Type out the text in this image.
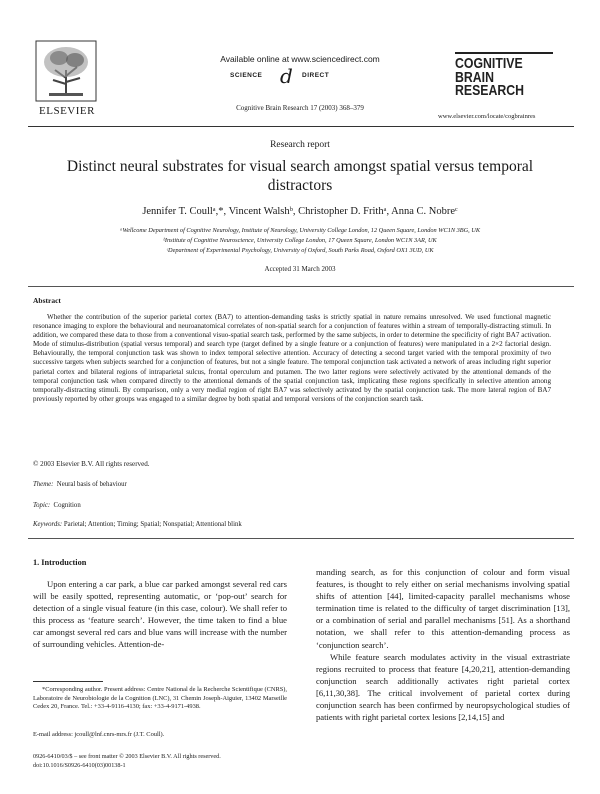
ELSEVIER
Available online at www.sciencedirect.com
SCIENCE d DIRECT
Cognitive Brain Research 17 (2003) 368–379
COGNITIVE
BRAIN
RESEARCH
www.elsevier.com/locate/cogbrainres
Research report
Distinct neural substrates for visual search amongst spatial versus temporal distractors
Jennifer T. Coullᵃ,*, Vincent Walshᵇ, Christopher D. Frithᵃ, Anna C. Nobreᶜ
ᵃWellcome Department of Cognitive Neurology, Institute of Neurology, University College London, 12 Queen Square, London WC1N 3BG, UK
ᵇInstitute of Cognitive Neuroscience, University College London, 17 Queen Square, London WC1N 3AR, UK
ᶜDepartment of Experimental Psychology, University of Oxford, South Parks Road, Oxford OX1 3UD, UK
Accepted 31 March 2003
Abstract
Whether the contribution of the superior parietal cortex (BA7) to attention-demanding tasks is strictly spatial in nature remains unresolved. We used functional magnetic resonance imaging to explore the behavioural and neuroanatomical correlates of non-spatial search for a conjunction of features within a stream of temporally-distracting stimuli. In addition, we compared these data to those from a conventional visuo-spatial search task, performed by the same subjects, in order to determine the specificity of right BA7 activation. Mode of stimulus-distribution (spatial versus temporal) and search type (target defined by a single feature or a conjunction of features) were manipulated in a 2×2 factorial design. Behaviourally, the temporal conjunction task was shown to index temporal selective attention. Accuracy of detecting a second target varied with the temporal proximity of two successive targets when subjects searched for a conjunction of features, but not a single feature. The temporal conjunction task activated a network of areas including right superior parietal cortex and bilateral regions of intraparietal sulcus, frontal operculum and putamen. The two latter regions were selectively activated by the attentional demands of the temporal conjunction task when compared directly to the attentional demands of the spatial conjunction task, implicating these regions specifically in selective attention among temporally-distracting stimuli. By comparison, only a very medial region of right BA7 was selectively activated by the spatial conjunction task. The more lateral region of BA7 previously reported by other groups was engaged to a similar degree by both spatial and temporal versions of the conjunction search task.
© 2003 Elsevier B.V. All rights reserved.
Theme: Neural basis of behaviour
Topic: Cognition
Keywords: Parietal; Attention; Timing; Spatial; Nonspatial; Attentional blink
1. Introduction
Upon entering a car park, a blue car parked amongst several red cars will be easily spotted, representing automatic, or ‘pop-out’ search for detection of a single visual feature (in this case, colour). We shall refer to this process as ‘feature search’. However, the time taken to find a blue car amongst several red cars and blue vans will increase with the number of surrounding vehicles. Attention-de-

manding search, as for this conjunction of colour and form visual features, is thought to rely either on serial mechanisms involving spatial shifts of attention [44], limited-capacity parallel mechanisms whose termination time is related to the difficulty of target discrimination [13], or a combination of serial and parallel mechanisms [51]. As a shorthand notation, we shall refer to this attention-demanding process as ‘conjunction search’.

While feature search modulates activity in the visual extrastriate regions recruited to process that feature [4,20,21], attention-demanding conjunction search additionally activates right parietal cortex [6,11,30,38]. The critical involvement of parietal cortex during conjunction search has been confirmed by neuropsychological studies of patients with right parietal cortex lesions [2,14,15] and

*Corresponding author. Present address: Centre National de la Recherche Scientifique (CNRS), Laboratoire de Neurobiologie de la Cognition (LNC), 31 Chemin Joseph-Aiguier, 13402 Marseille Cedex 20, France. Tel.: +33-4-9116-4130; fax: +33-4-9171-4938.
E-mail address: jcoull@lnf.cnrs-mrs.fr (J.T. Coull).
0926-6410/03/$ – see front matter © 2003 Elsevier B.V. All rights reserved.
doi:10.1016/S0926-6410(03)00138-1
